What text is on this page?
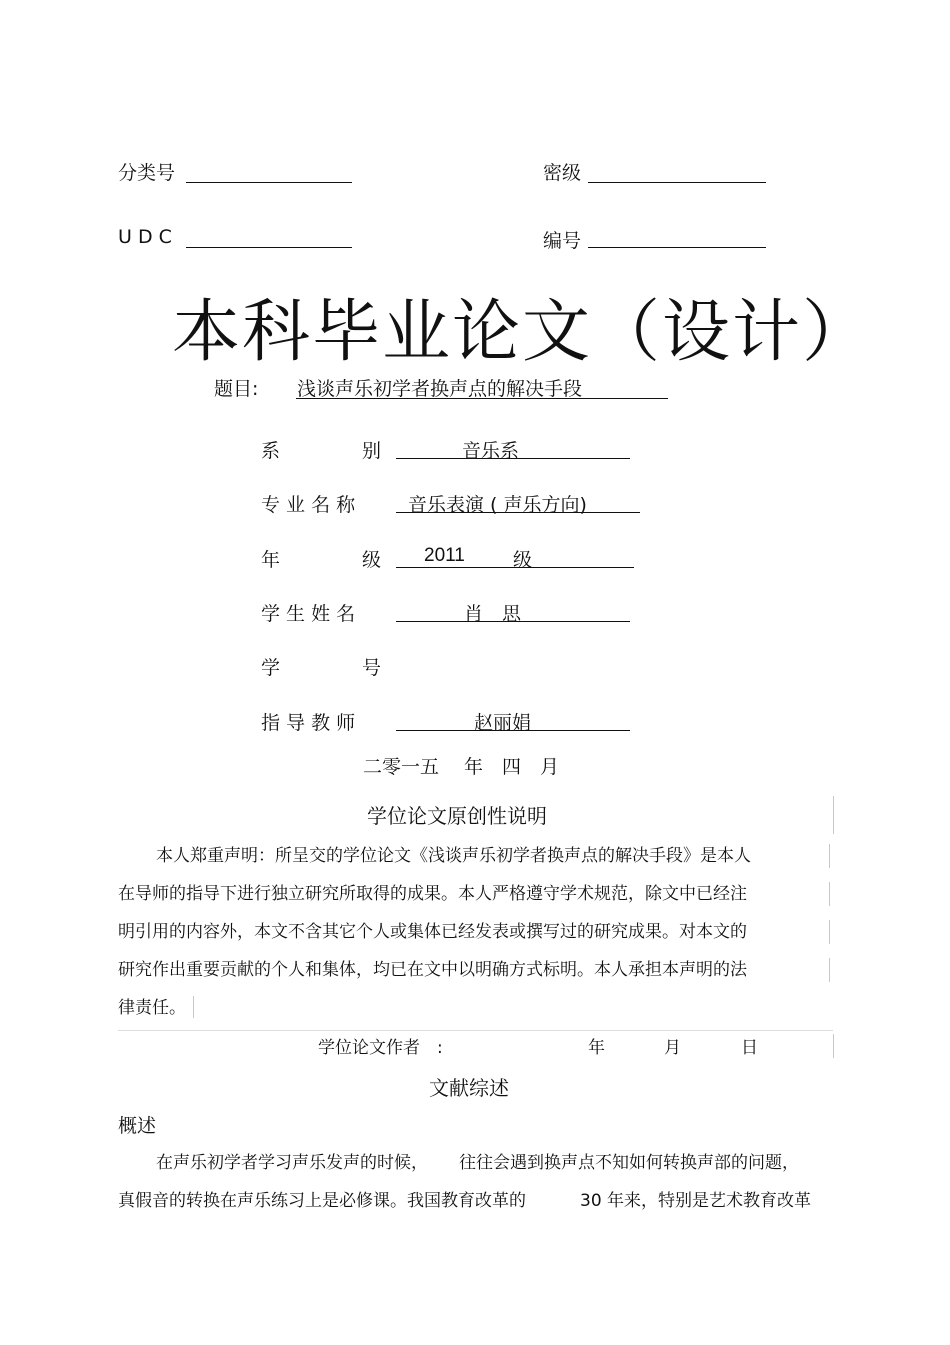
分类号	密级
U D C	编号
本科毕业论文（设计）
题目: 浅谈声乐初学者换声点的解决手段
系	别	音乐系
专 业 名 称	音乐表演 ( 声乐方向)
年	级 2011	级
学 生 姓 名	肖　思
学	号
指 导 教 师	赵丽娟
二零一五　 年　四　月
学位论文原创性说明
本人郑重声明：所呈交的学位论文《浅谈声乐初学者换声点的解决手段》是本人
在导师的指导下进行独立研究所取得的成果。本人严格遵守学术规范，除文中已经注
明引用的内容外，本文不含其它个人或集体已经发表或撰写过的研究成果。对本文的
研究作出重要贡献的个人和集体，均已在文中以明确方式标明。本人承担本声明的法
律责任。
学位论文作者　:	年	月	日
文献综述
概述
在声乐初学者学习声乐发声的时候， 往往会遇到换声点不知如何转换声部的问题，
真假音的转换在声乐练习上是必修课。我国教育改革的	30 年来，特别是艺术教育改革
